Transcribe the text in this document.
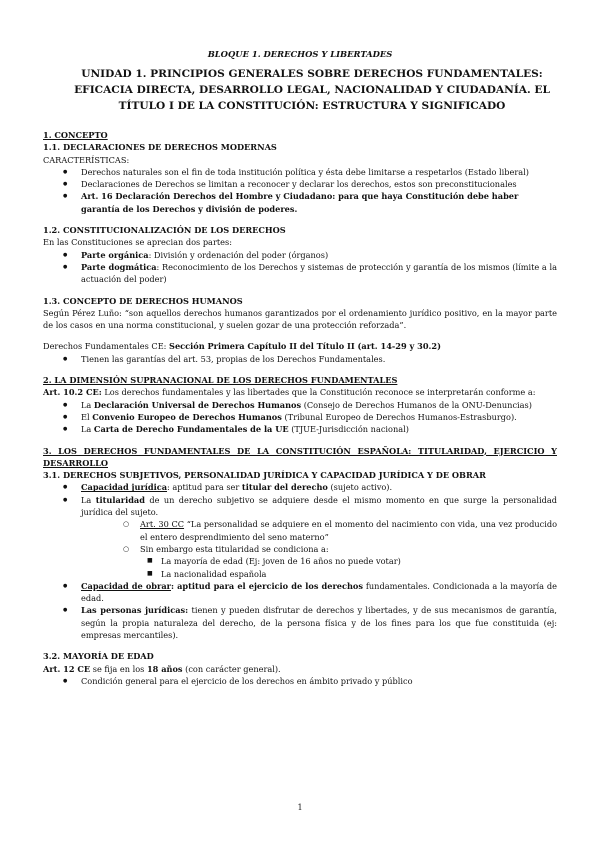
BLOQUE 1. DERECHOS Y LIBERTADES
UNIDAD 1. PRINCIPIOS GENERALES SOBRE DERECHOS FUNDAMENTALES: EFICACIA DIRECTA, DESARROLLO LEGAL, NACIONALIDAD Y CIUDADANÍA. EL TÍTULO I DE LA CONSTITUCIÓN: ESTRUCTURA Y SIGNIFICADO

1. CONCEPTO

1.1. DECLARACIONES DE DERECHOS MODERNAS

CARACTERÍSTICAS:

● Derechos naturales son el fin de toda institución política y ésta debe limitarse a respetarlos (Estado liberal)
● Declaraciones de Derechos se limitan a reconocer y declarar los derechos, estos son preconstitucionales
● Art. 16 Declaración Derechos del Hombre y Ciudadano: para que haya Constitución debe haber garantía de los Derechos y división de poderes.

1.2. CONSTITUCIONALIZACIÓN DE LOS DERECHOS

En las Constituciones se aprecian dos partes:

● Parte orgánica: División y ordenación del poder (órganos)
● Parte dogmática: Reconocimiento de los Derechos y sistemas de protección y garantía de los mismos (límite a la actuación del poder)

1.3. CONCEPTO DE DERECHOS HUMANOS

Según Pérez Luño: “son aquellos derechos humanos garantizados por el ordenamiento jurídico positivo, en la mayor parte de los casos en una norma constitucional, y suelen gozar de una protección reforzada”.

Derechos Fundamentales CE: Sección Primera Capítulo II del Título II (art. 14-29 y 30.2)

● Tienen las garantías del art. 53, propias de los Derechos Fundamentales.

2. LA DIMENSIÓN SUPRANACIONAL DE LOS DERECHOS FUNDAMENTALES

Art. 10.2 CE: Los derechos fundamentales y las libertades que la Constitución reconoce se interpretarán conforme a:

● La Declaración Universal de Derechos Humanos (Consejo de Derechos Humanos de la ONU-Denuncias)
● El Convenio Europeo de Derechos Humanos (Tribunal Europeo de Derechos Humanos-Estrasburgo).
● La Carta de Derecho Fundamentales de la UE (TJUE-Jurisdicción nacional)

3. LOS DERECHOS FUNDAMENTALES DE LA CONSTITUCIÓN ESPAÑOLA: TITULARIDAD, EJERCICIO Y DESARROLLO

3.1. DERECHOS SUBJETIVOS, PERSONALIDAD JURÍDICA Y CAPACIDAD JURÍDICA Y DE OBRAR

● Capacidad jurídica: aptitud para ser titular del derecho (sujeto activo).
● La titularidad de un derecho subjetivo se adquiere desde el mismo momento en que surge la personalidad jurídica del sujeto.
○ Art. 30 CC “La personalidad se adquiere en el momento del nacimiento con vida, una vez producido el entero desprendimiento del seno materno”
○ Sin embargo esta titularidad se condiciona a:
■ La mayoría de edad (Ej: joven de 16 años no puede votar)
■ La nacionalidad española
● Capacidad de obrar: aptitud para el ejercicio de los derechos fundamentales. Condicionada a la mayoría de edad.
● Las personas jurídicas: tienen y pueden disfrutar de derechos y libertades, y de sus mecanismos de garantía, según la propia naturaleza del derecho, de la persona física y de los fines para los que fue constituida (ej: empresas mercantiles).

3.2. MAYORÍA DE EDAD

Art. 12 CE se fija en los 18 años (con carácter general).

● Condición general para el ejercicio de los derechos en ámbito privado y público
1
